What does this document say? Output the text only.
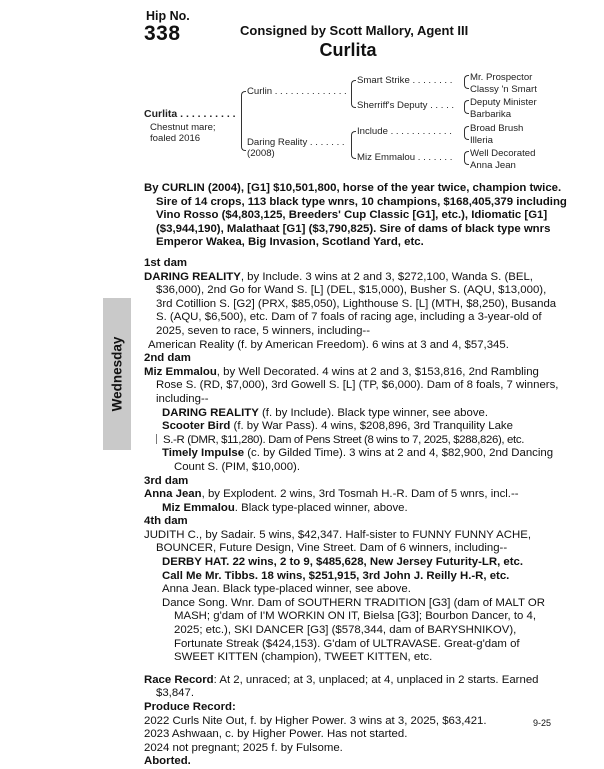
Hip No.
338	Consigned by Scott Mallory, Agent III
Curlita
Curlita . . . . . . . . . .
Chestnut mare;
foaled 2016
Curlin . . . . . . . . . . . . . .
Daring Reality . . . . . . .
(2008)
Smart Strike . . . . . . . .
Sherriff's Deputy . . . . .
Include . . . . . . . . . . . .
Miz Emmalou . . . . . . .
Mr. Prospector
Classy 'n Smart
Deputy Minister
Barbarika
Broad Brush
Illeria
Well Decorated
Anna Jean
By CURLIN (2004), [G1] $10,501,800, horse of the year twice, champion twice. Sire of 14 crops, 113 black type wnrs, 10 champions, $168,405,379 including Vino Rosso ($4,803,125, Breeders' Cup Classic [G1], etc.), Idiomatic [G1] ($3,944,190), Malathaat [G1] ($3,790,825). Sire of dams of black type wnrs Emperor Wakea, Big Invasion, Scotland Yard, etc.
1st dam
DARING REALITY, by Include. 3 wins at 2 and 3, $272,100, Wanda S. (BEL, $36,000), 2nd Go for Wand S. [L] (DEL, $15,000), Busher S. (AQU, $13,000), 3rd Cotillion S. [G2] (PRX, $85,050), Lighthouse S. [L] (MTH, $8,250), Busanda S. (AQU, $6,500), etc. Dam of 7 foals of racing age, including a 3-year-old of 2025, seven to race, 5 winners, including--
American Reality (f. by American Freedom). 6 wins at 3 and 4, $57,345.
2nd dam
Miz Emmalou, by Well Decorated. 4 wins at 2 and 3, $153,816, 2nd Rambling Rose S. (RD, $7,000), 3rd Gowell S. [L] (TP, $6,000). Dam of 8 foals, 7 winners, including--
DARING REALITY (f. by Include). Black type winner, see above.
Scooter Bird (f. by War Pass). 4 wins, $208,896, 3rd Tranquility Lake
S.-R (DMR, $11,280). Dam of Pens Street (8 wins to 7, 2025, $288,826), etc.
Timely Impulse (c. by Gilded Time). 3 wins at 2 and 4, $82,900, 2nd Dancing Count S. (PIM, $10,000).
3rd dam
Anna Jean, by Explodent. 2 wins, 3rd Tosmah H.-R. Dam of 5 wnrs, incl.--
Miz Emmalou. Black type-placed winner, above.
4th dam
JUDITH C., by Sadair. 5 wins, $42,347. Half-sister to FUNNY FUNNY ACHE, BOUNCER, Future Design, Vine Street. Dam of 6 winners, including--
DERBY HAT. 22 wins, 2 to 9, $485,628, New Jersey Futurity-LR, etc.
Call Me Mr. Tibbs. 18 wins, $251,915, 3rd John J. Reilly H.-R, etc.
Anna Jean. Black type-placed winner, see above.
Dance Song. Wnr. Dam of SOUTHERN TRADITION [G3] (dam of MALT OR MASH; g'dam of I'M WORKIN ON IT, Bielsa [G3]; Bourbon Dancer, to 4, 2025; etc.), SKI DANCER [G3] ($578,344, dam of BARYSHNIKOV), Fortunate Streak ($424,153). G'dam of ULTRAVASE. Great-g'dam of SWEET KITTEN (champion), TWEET KITTEN, etc.
Race Record: At 2, unraced; at 3, unplaced; at 4, unplaced in 2 starts. Earned $3,847.
Produce Record:
2022 Curls Nite Out, f. by Higher Power. 3 wins at 3, 2025, $63,421.
2023 Ashwaan, c. by Higher Power. Has not started.
2024 not pregnant; 2025 f. by Fulsome.
Aborted.
Wednesday
9-25
